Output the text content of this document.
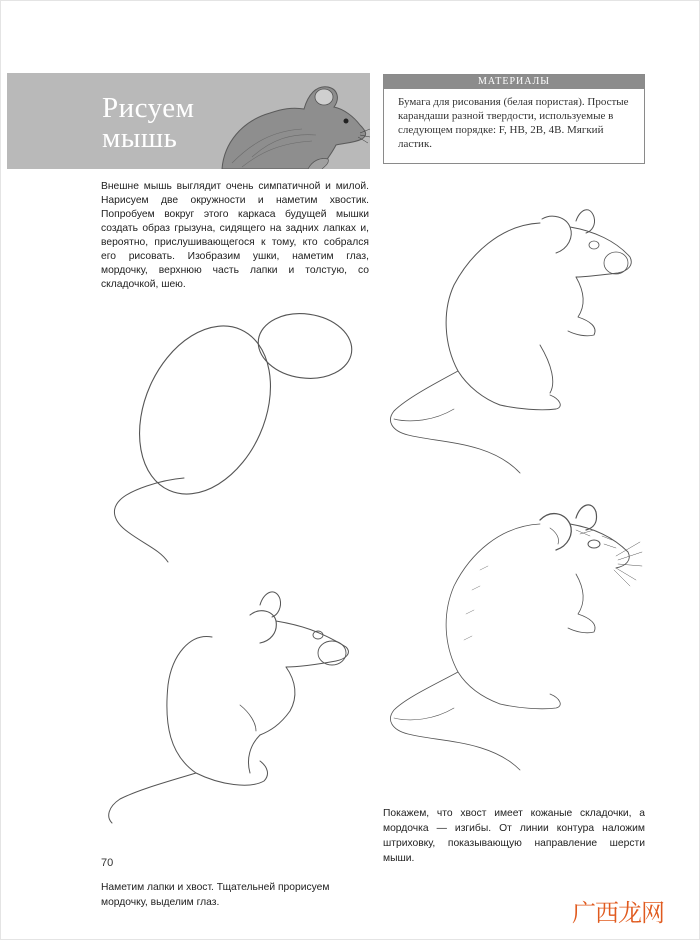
Рисуем
мышь
МАТЕРИАЛЫ
Бумага для рисования (белая пористая). Простые карандаши разной твердости, используемые в следующем порядке: F, HB, 2B, 4B. Мягкий ластик.
Внешне мышь выглядит очень симпатичной и милой. Нарисуем две окружности и наметим хвостик. Попробуем вокруг этого каркаса будущей мышки создать образ грызуна, сидящего на задних лапках и, вероятно, прислушивающегося к тому, кто собрался его рисовать. Изобразим ушки, наметим глаз, мордочку, верхнюю часть лапки и толстую, со складочкой, шею.
Покажем, что хвост имеет кожаные складочки, а мордочка — изгибы. От линии контура наложим штриховку, показывающую направление шерсти мыши.
70
Наметим лапки и хвост. Тщательней прорисуем мордочку, выделим глаз.	广西龙网
